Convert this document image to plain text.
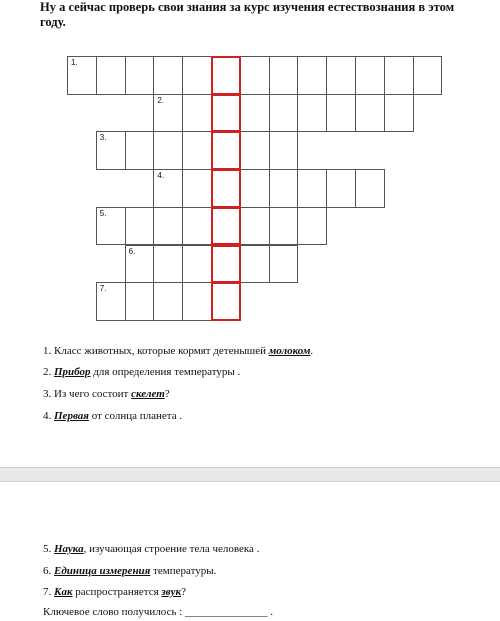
Ну а сейчас проверь свои знания за курс изучения естествознания в этом году.

1.
2.
3.
4.
5.
6.
7.

1. Класс животных, которые кормят детенышей молоком.

2. Прибор для определения температуры .

3. Из чего состоит скелет?

4. Первая от солнца планета .

5. Наука, изучающая строение тела человека .

6. Единица измерения температуры.

7. Как распространяется звук?

Ключевое слово получилось : _______________ .
